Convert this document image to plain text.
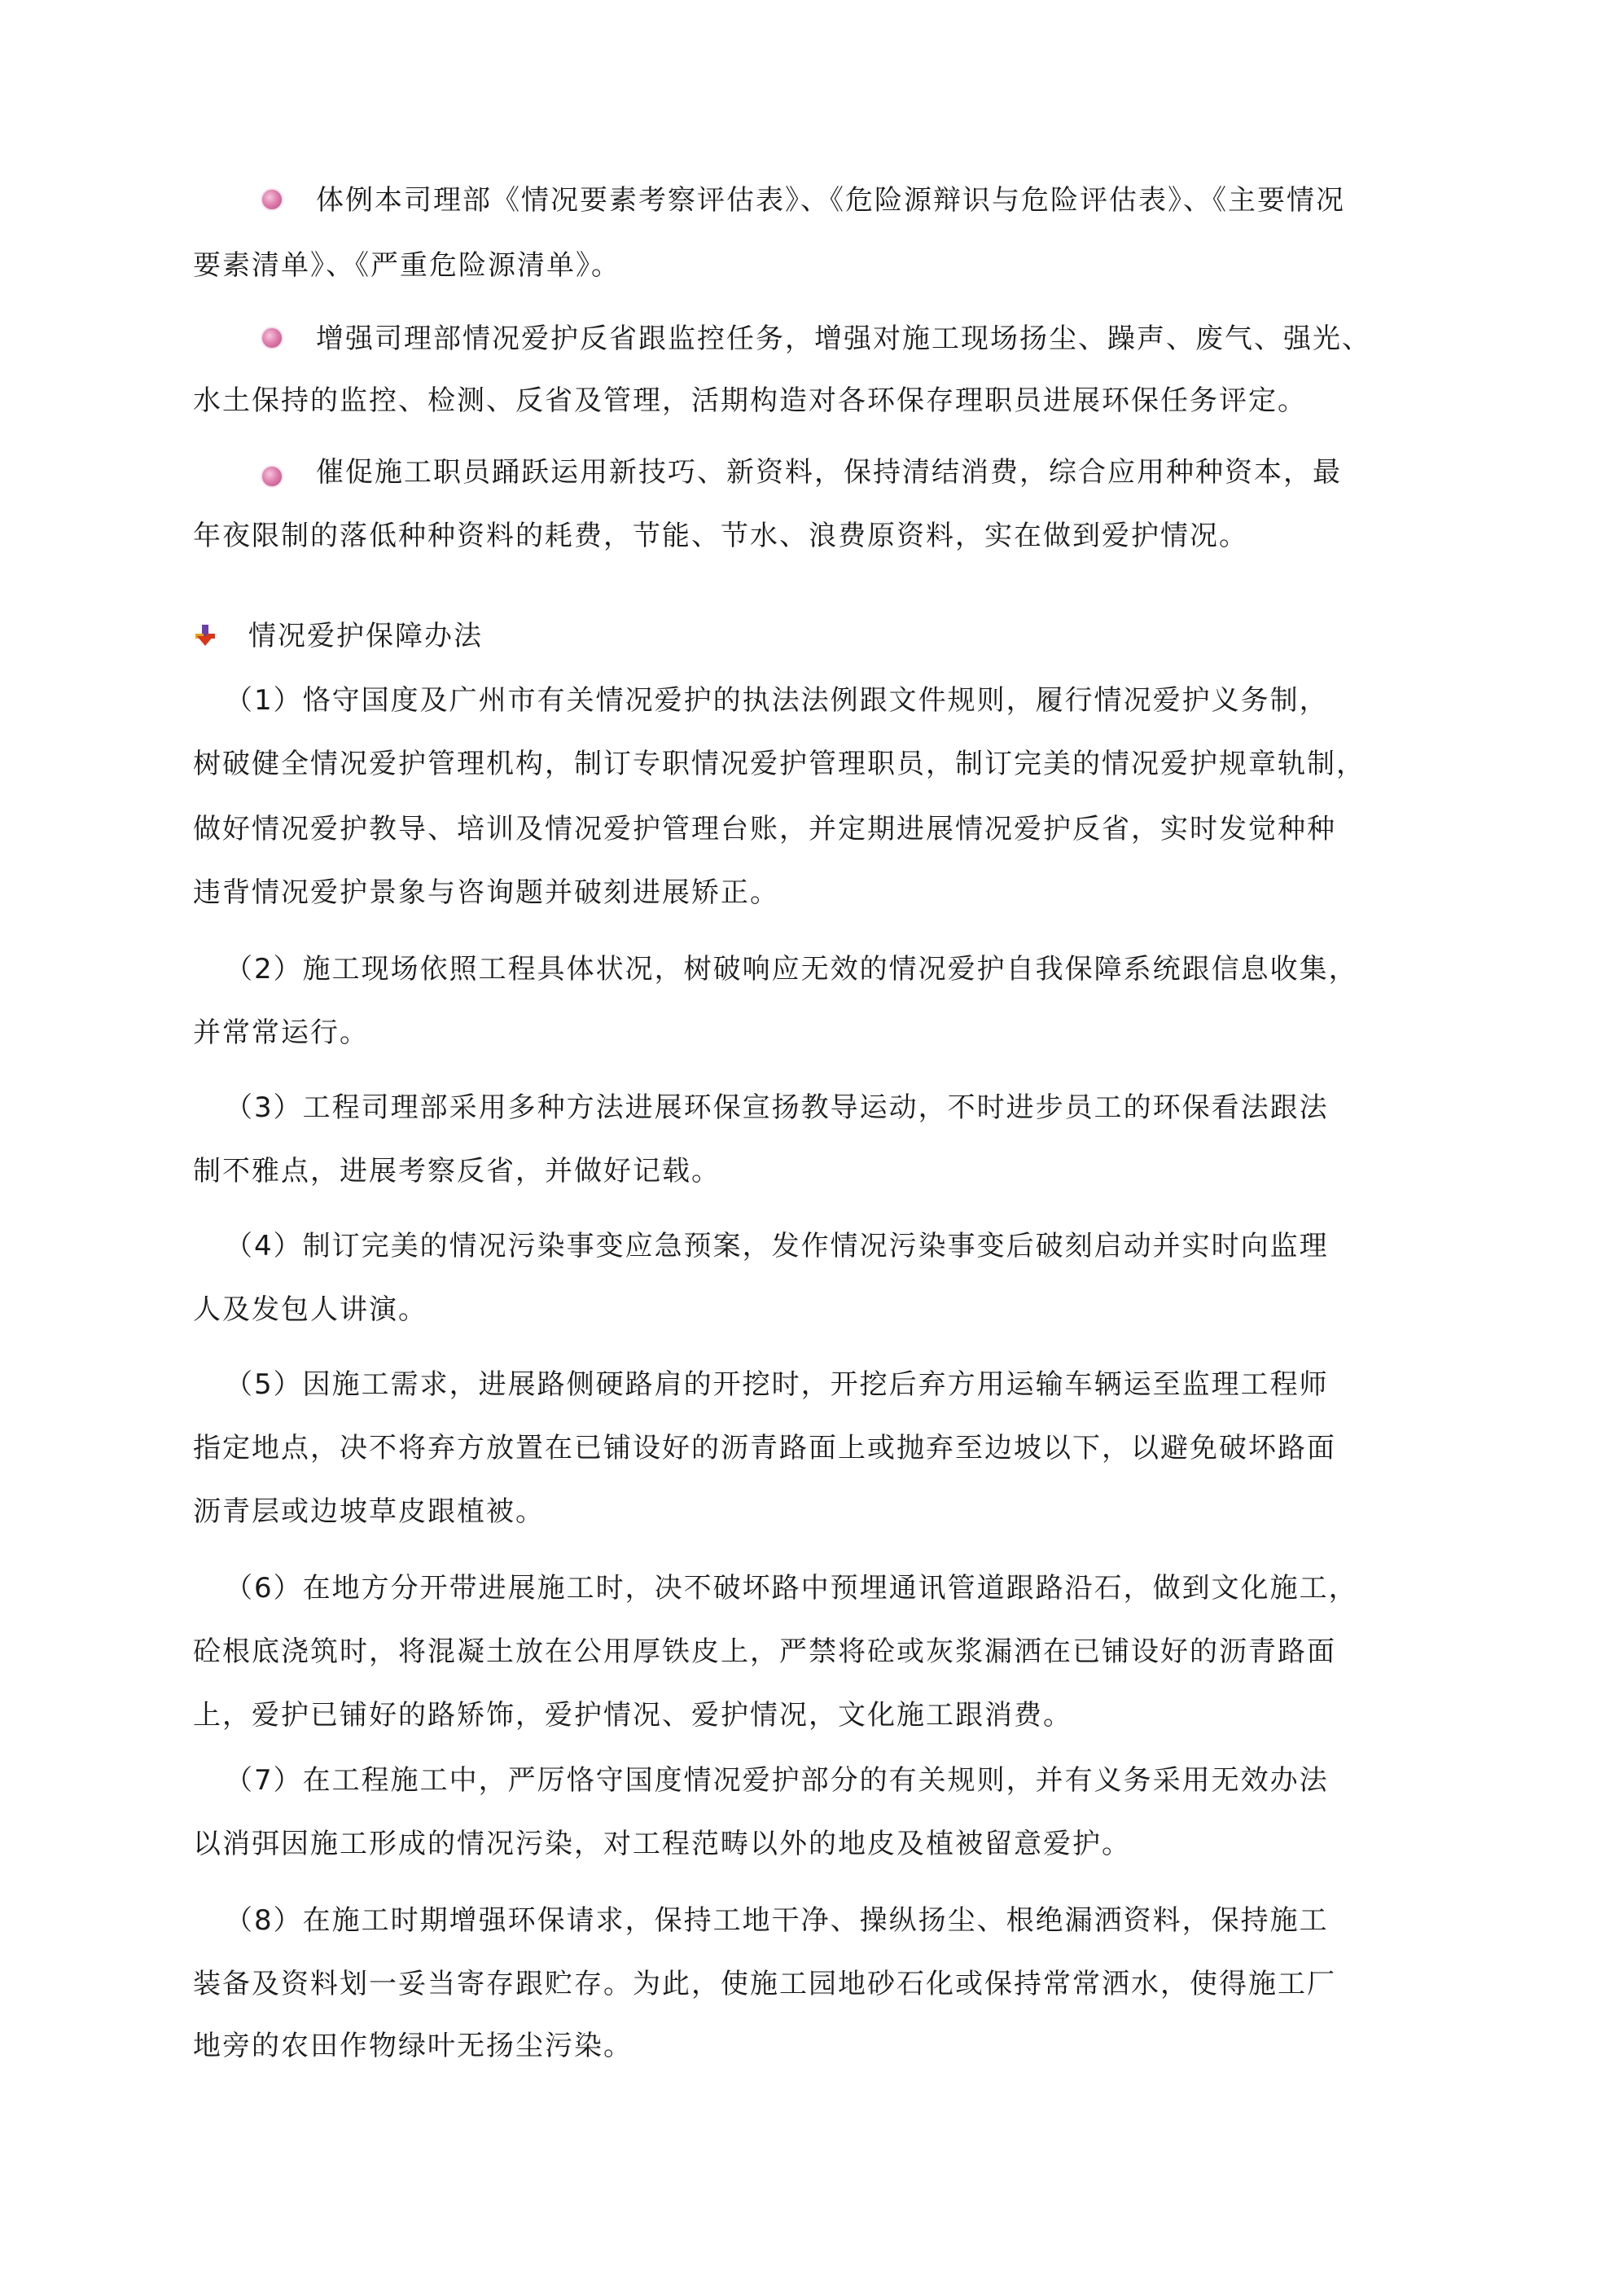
体例本司理部《情况要素考察评估表》、《危险源辩识与危险评估表》、《主要情况
要素清单》、《严重危险源清单》。
增强司理部情况爱护反省跟监控任务，增强对施工现场扬尘、躁声、废气、强光、
水土保持的监控、检测、反省及管理，活期构造对各环保存理职员进展环保任务评定。
催促施工职员踊跃运用新技巧、新资料，保持清结消费，综合应用种种资本，最
年夜限制的落低种种资料的耗费，节能、节水、浪费原资料，实在做到爱护情况。
情况爱护保障办法
（1）恪守国度及广州市有关情况爱护的执法法例跟文件规则，履行情况爱护义务制，
树破健全情况爱护管理机构，制订专职情况爱护管理职员，制订完美的情况爱护规章轨制，
做好情况爱护教导、培训及情况爱护管理台账，并定期进展情况爱护反省，实时发觉种种
违背情况爱护景象与咨询题并破刻进展矫正。
（2）施工现场依照工程具体状况，树破响应无效的情况爱护自我保障系统跟信息收集，
并常常运行。
（3）工程司理部采用多种方法进展环保宣扬教导运动，不时进步员工的环保看法跟法
制不雅点，进展考察反省，并做好记载。
（4）制订完美的情况污染事变应急预案，发作情况污染事变后破刻启动并实时向监理
人及发包人讲演。
（5）因施工需求，进展路侧硬路肩的开挖时，开挖后弃方用运输车辆运至监理工程师
指定地点，决不将弃方放置在已铺设好的沥青路面上或抛弃至边坡以下，以避免破坏路面
沥青层或边坡草皮跟植被。
（6）在地方分开带进展施工时，决不破坏路中预埋通讯管道跟路沿石，做到文化施工，
砼根底浇筑时，将混凝土放在公用厚铁皮上，严禁将砼或灰浆漏洒在已铺设好的沥青路面
上，爱护已铺好的路矫饰，爱护情况、爱护情况，文化施工跟消费。
（7）在工程施工中，严厉恪守国度情况爱护部分的有关规则，并有义务采用无效办法
以消弭因施工形成的情况污染，对工程范畴以外的地皮及植被留意爱护。
（8）在施工时期增强环保请求，保持工地干净、操纵扬尘、根绝漏洒资料，保持施工
装备及资料划一妥当寄存跟贮存。为此，使施工园地砂石化或保持常常洒水，使得施工厂
地旁的农田作物绿叶无扬尘污染。
